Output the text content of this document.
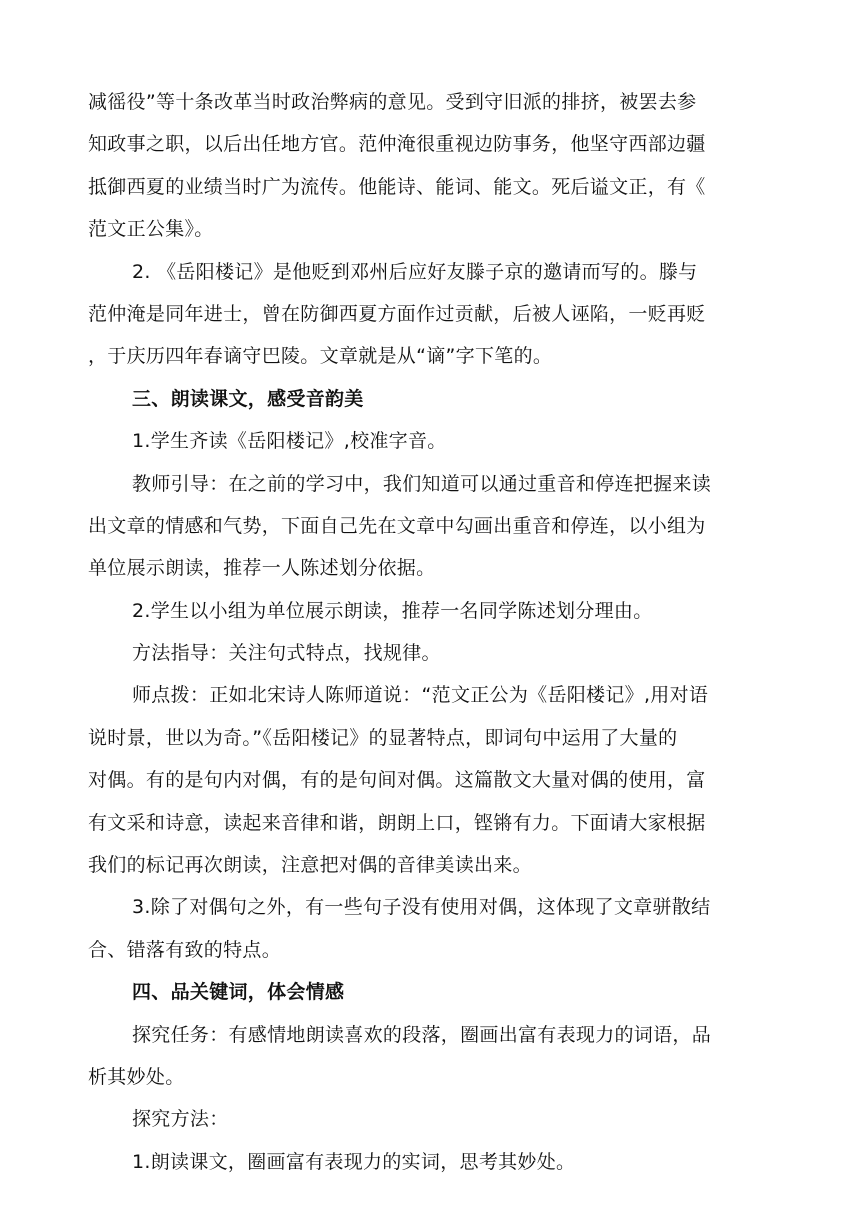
减徭役”等十条改革当时政治弊病的意见。受到守旧派的排挤，被罢去参
知政事之职，以后出任地方官。范仲淹很重视边防事务，他坚守西部边疆
抵御西夏的业绩当时广为流传。他能诗、能词、能文。死后谥文正，有《
范文正公集》。
2. 《岳阳楼记》是他贬到邓州后应好友滕子京的邀请而写的。滕与
范仲淹是同年进士，曾在防御西夏方面作过贡献，后被人诬陷，一贬再贬
，于庆历四年春谪守巴陵。文章就是从“谪”字下笔的。
三、朗读课文，感受音韵美
1.学生齐读《岳阳楼记》,校准字音。
教师引导：在之前的学习中，我们知道可以通过重音和停连把握来读
出文章的情感和气势，下面自己先在文章中勾画出重音和停连，以小组为
单位展示朗读，推荐一人陈述划分依据。
2.学生以小组为单位展示朗读，推荐一名同学陈述划分理由。
方法指导：关注句式特点，找规律。
师点拨：正如北宋诗人陈师道说：“范文正公为《岳阳楼记》,用对语
说时景，世以为奇。”《岳阳楼记》的显著特点，即词句中运用了大量的
对偶。有的是句内对偶，有的是句间对偶。这篇散文大量对偶的使用，富
有文采和诗意，读起来音律和谐，朗朗上口，铿锵有力。下面请大家根据
我们的标记再次朗读，注意把对偶的音律美读出来。
3.除了对偶句之外，有一些句子没有使用对偶，这体现了文章骈散结
合、错落有致的特点。
四、品关键词，体会情感
探究任务：有感情地朗读喜欢的段落，圈画出富有表现力的词语，品
析其妙处。
探究方法：
1.朗读课文，圈画富有表现力的实词，思考其妙处。
